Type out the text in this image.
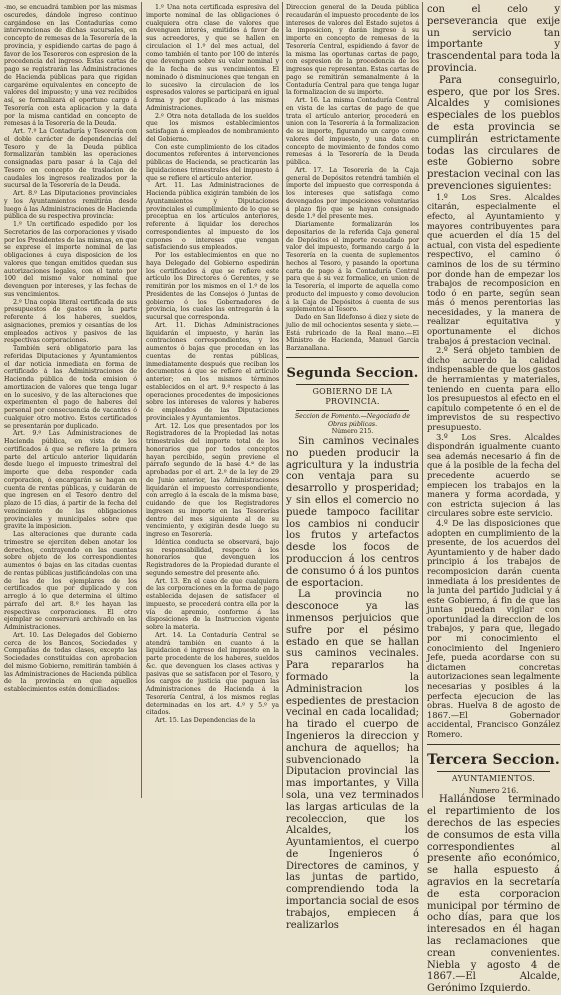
-mo, se encuadrá tambien por las mismas oscuredes, dándole ingreso continuo cargándose en las Contadurías como intervencionas de dichas sucursales, en concepto de remesas de la Tesorería de la provincia, y espidiendo cartas de pago á favor de los Tesoreros con espresion de la procedencia del ingreso. Estas cartas de pago se registrarán las Administraciones de Hacienda públicas para que rigidan cargaréme equivalentes en concepto de valores del impuesto; y una vez recibidos así, se formalizará el oportuno cargo á Tesorería con esta aplicacion y la data por la misma cantidad en concepto de remesas á la Tesorería de la Deuda.

Art. 7.º La Contaduría y Tesorería con el doble carácter de dependencias del Tesoro y de la Deuda pública formalizarán también las operaciones consignadas para pasar á la Caja del Tesoro en concepto de traslacion de caudales los ingresos realizados por la sucursal de la Tesorería de la Deuda.

Art. 8.º Las Diputaciones provinciales y los Ayuntamientos remitirán desde luego á las Administraciones de Hacienda pública de su respectiva provincia:

1.º Un certificado espedido por los Secretarios de las corporaciones y visado por los Presidentes de las mismas, en que se exprese el importe nominal de las obligaciones á cuya disposicion de los valores que tengan emitidos quedan sus autorizaciones legales, con el tanto por 100 del mismo valor nominal que devenguen por intereses, y las fechas de sus vencimientos.

2.º Una copia literal certificada de sus presupuestos de gastos en la parte referente á los haberes, sueldos, asignaciones, premios y cesantías de los empleados activos y pasivos de las respectivas corporaciones.

También será obligatorio para las referidas Diputaciones y Ayuntamientos el dar noticia inmediata en forma de certificado á las Administraciones de Hacienda pública de toda emision ó amortizacion de valores que tenga lugar en lo sucesivo, y de las alteraciones que experimenten el pago de haberes del personal por consecuencia de vacantes ó cualquier otro motivo. Estos certificados se presentarán por duplicado.

Art. 9.º Las Administraciones de Hacienda pública, en vista de los certificados á que se refiere la primera parte del artículo anterior liquidarán desde luego el impuesto trimestral del importe que deba responder cada corporacion, ó encargarán se hagan en cuenta de rentas públicas, y cuidarán de que ingresen en el Tesoro dentro del plazo de 15 días, á partir de la fecha del vencimiento de las obligaciones provinciales y municipales sobre que gravite la imposicion.

Las alteraciones que durante cada trimestre se ejerciten deben anotar los derechos, contrayendo en las cuentas sobre objeto de los correspondientes aumentos ó bajas en las citadas cuentas de rentas públicas justificándolas con una de las de los ejemplares de los certificados que por duplicado y con arreglo á lo que determina el último párrafo del art. 8.º les hayan las respectivas corporaciones. El otro ejemplar se conservará archivado en las Administraciones.

Art. 10. Las Delegados del Gobierno cerca de los Bancos, Sociedades y Compañías de todas clases, excepto las Sociedades constituídas con aprobacion del mismo Gobierno, remitirán también á las Administraciones de Hacienda pública de la provincia en que aquellos establecimientos estén domiciliados:

1.º Una nota certificada espresiva del importe nominal de las obligaciones ó cualquiera otra clase de valores que devenguen interés, emitidos á favor de sus acreedores, y que se hallen en circulacion el 1.º del mes actual, del como también el tanto por 100 de interés que devenguen sobre su valor nominal y de la fecha de sus vencimientos. El nominado ó disminuciones que tengan en lo sucesivo la circulacion de los espresados valores se participará en igual forma y por duplicado á las mismas Administraciones.

2.º Otra nota detallada de los sueldos que los mismos establecimientos satisfagan á empleados de nombramiento del Gobierno.

Con este cumplimiento de los citados documentos referentes á intervenciones públicas de Hacienda, se practicarán las liquidaciones trimestrales del impuesto á que se refiere el artículo anterior.

Art. 11. Las Administraciones de Hacienda pública exigirán también de los Ayuntamientos y Diputaciones provinciales el cumplimiento de lo que se preceptua en los artículos anteriores, referente á liquidar los derechos correspondientes al impuesto de los cupones o intereses que vengan satisfaciendo sus empleados.

Por los establecimientos en que no haya Delegado del Gobierno espedirán los certificados á que se refiere este artículo los Directores ó Gerentes, y se remitirán por los mismos en el 1.º de los Presidentes de las Consejos ó Juntas de gobierno ó los Gobernadores de provincia, los cuales las entregarán á la sucursal que corresponda.

Art. 11. Dichas Administraciones liquidarán el impuesto, y harán las contraciones correspondientes, y los aumentos ó bajas que procedan en las cuentas de rentas públicas, inmediatamente después que reciban los documentos á que se refiere el artículo anterior; en los mismos términos establecidos en el art. 9.º respecto á las operaciones procedentes de imposiciones sobre los intereses de valores y haberes de empleados de las Diputaciones provinciales y Ayuntamientos.

Art. 12. Los que presentados por los Registradores de la Propiedad las notas trimestrales del importe total de los honorarios que por todos conceptos hayan percibido, según previene el párrafo segundo de la base 4.ª de las aprobadas por el art. 2.º de la ley de 29 de Junio anterior, las Administraciones liquidarán el impuesto correspondiente, con arreglo á la escala de la misma base, cuidando de que los Registradores ingresen su importe en las Tesorerías dentro del mes siguiente al de su vencimiento, y exigirán desde luego su ingreso en Tesorería.

Idéntica conducta se observará, bajo su responsabilidad, respecto á los honorarios que devenguen los Registradores de la Propiedad durante el segundo semestre del presente año.

Art. 13. En el caso de que cualquiera de las corporaciones en la forma de pago establecida dejasen de satisfacer el impuesto, se procederá contra ella por la vía de apremio, conforme á las disposiciones de la Instruccion vigente sobre la materia.

Art. 14. La Contaduría Central se atendrá también en cuanto á la liquidacion é ingreso del impuesto en la parte procedente de los haberes, sueldos &c. que devenguen los clases activas y pasivas que se satisfacen por el Tesoro, y los cargos de justicia que paguen las Administraciones de Hacienda á la Tesorería Central, á los mismos reglas determinadas en los art. 4.º y 5.º ya citados.

Art. 15. Las Dependencias de la

Direccion general de la Deuda pública recaudarán el impuesto procedente de los intereses de valores del Estado sujetos á la imposicion, y darán ingreso á su importe en concepto de remesas de la Tesorería Central, espidiendo á favor de la misma las oportunas cartas de pago, con espresion de la procedencia de los ingresos que representan. Estas cartas de pago se remitirán semanalmente á la Contaduría Central para que tenga lugar la formalizacion de su importe.

Art. 16. La misma Contaduría Central en vista de las cartas de pago de que trata el artículo anterior, procederá en union con la Tesorería á la formalizacion de su importe, figurando un cargo como valores del impuesto, y una data en concepto de movimiento de fondos como remesas á la Tesorería de la Deuda pública.

Art. 17. La Tesorería de la Caja general de Depósitos retendrá también el importe del impuesto que corresponda á los intereses que satisfaga como devengados por imposiciones voluntarias á plazo fijo que se hayan consignado desde 1.º del presente mes.

Diariamente formalizarán los depositarios de la referida Caja general de Depósitos el importe recaudado por valor del impuesto, formando cargo á la Tesorería en la cuenta de suplementos hechos al Tesoro, y pasando la oportuna carta de pago á la Contaduría Central para que á su vez formalice, en union de la Tesorería, el importe de aquella como producto del impuesto y como devolucion á la Caja de Depósitos á cuenta de sus suplementos al Tesoro.

Dado en San Ildefonso á diez y siete de julio de mil ochocientos sesenta y siete.—Está rubricado de la Real mano.—El Ministro de Hacienda, Manuel García Barzanallana.

Segunda Seccion.
GOBIERNO DE LA PROVINCIA.

Seccion de Fomento.—Negociado de Obras públicas.

Número 215.

Sin caminos vecinales no pueden producir la agricultura y la industria con ventaja para su desarrollo y prosperidad; y sin ellos el comercio no puede tampoco facilitar los cambios ni conducir los frutos y artefactos desde los focos de produccion á los centros de consumo ó á los puntos de esportacion.

La provincia no desconoce ya las inmensos perjuicios que sufre por el pésimo estado en que se hallan sus caminos vecinales. Para repararlos ha formado la Administracion los espedientes de prestacion vecinal en cada localidad; ha tirado el cuerpo de Ingenieros la direccion y anchura de aquellos; ha subvencionado la Diputacion provincial las mas importantes, y Villa sola, una vez terminados las largas articulas de la recoleccion, que los Alcaldes, los Ayuntamientos, el cuerpo de Ingenieros ó Directores de caminos, y las juntas de partido, comprendiendo toda la importancia social de esos trabajos, empiecen á realizarlos

con el celo y perseverancia que exije un servicio tan importante y trascendental para toda la provincia.

Para conseguirlo, espero, que por los Sres. Alcaldes y comisiones especiales de los pueblos de esta provincia se cumplirán estrictamente todas las circulares de este Gobierno sobre prestacion vecinal con las prevenciones siguientes:

1.º Los Sres. Alcaldes citarán, especialmente el efecto, al Ayuntamiento y mayores contribuyentes para que acuerden el día 15 del actual, con vista del espediente respectivo, el camino ó caminos de los de su término por donde han de empezar los trabajos de recomposicion en todo ó en parte, según sean más ó menos perentorias las necesidades, y la manera de realizar equitativa y oportunamente el dichos trabajos á prestacion vecinal.

2.º Será objeto tambien de dicho acuerdo la calidad indispensable de que los gastos de herramientas y materiales, teniendo en cuenta para ello los presupuestos al efecto en el capítulo competente ó en el de imprevistos de su respectivo presupuesto.

3.º Los Sres. Alcaldes dispondrán igualmente cuanto sea además necesario á fin de que á la posible de la fecha del precedente acuerdo se empiecen los trabajos en la manera y forma acordada, y con estricta sujecion á las circulares sobre este servicio.

4.º De las disposiciones que adopten en cumplimiento de la presente, de los acuerdos del Ayuntamiento y de haber dado principio á los trabajos de recomposicion darán cuenta inmediata á los presidentes de la junta del partido Judicial y á este Gobierno, á fin de que las juntas puedan vigilar con oportunidad la direccion de los trabajos, y para que, llegado por mi conocimiento el conocimiento del Ingeniero Jefe, pueda acordarse con su dictamen concretas autorizaciones sean legalmente necesarias y posibles á la perfecta ejecucion de las obras. Huelva 8 de agosto de 1867.—El Gobernador accidental, Francisco González Romero.

Tercera Seccion.
AYUNTAMIENTOS.

Numero 216.

Hallándose terminado el repartimiento de los derechos de las especies de consumos de esta villa correspondientes al presente año económico, se halla espuesto á agravios en la secretaría de esta corporacion municipal por término de ocho días, para que los interesados en él hagan las reclamaciones que crean convenientes. Niebla y agosto 4 de 1867.—El Alcalde, Gerónimo Izquierdo.
